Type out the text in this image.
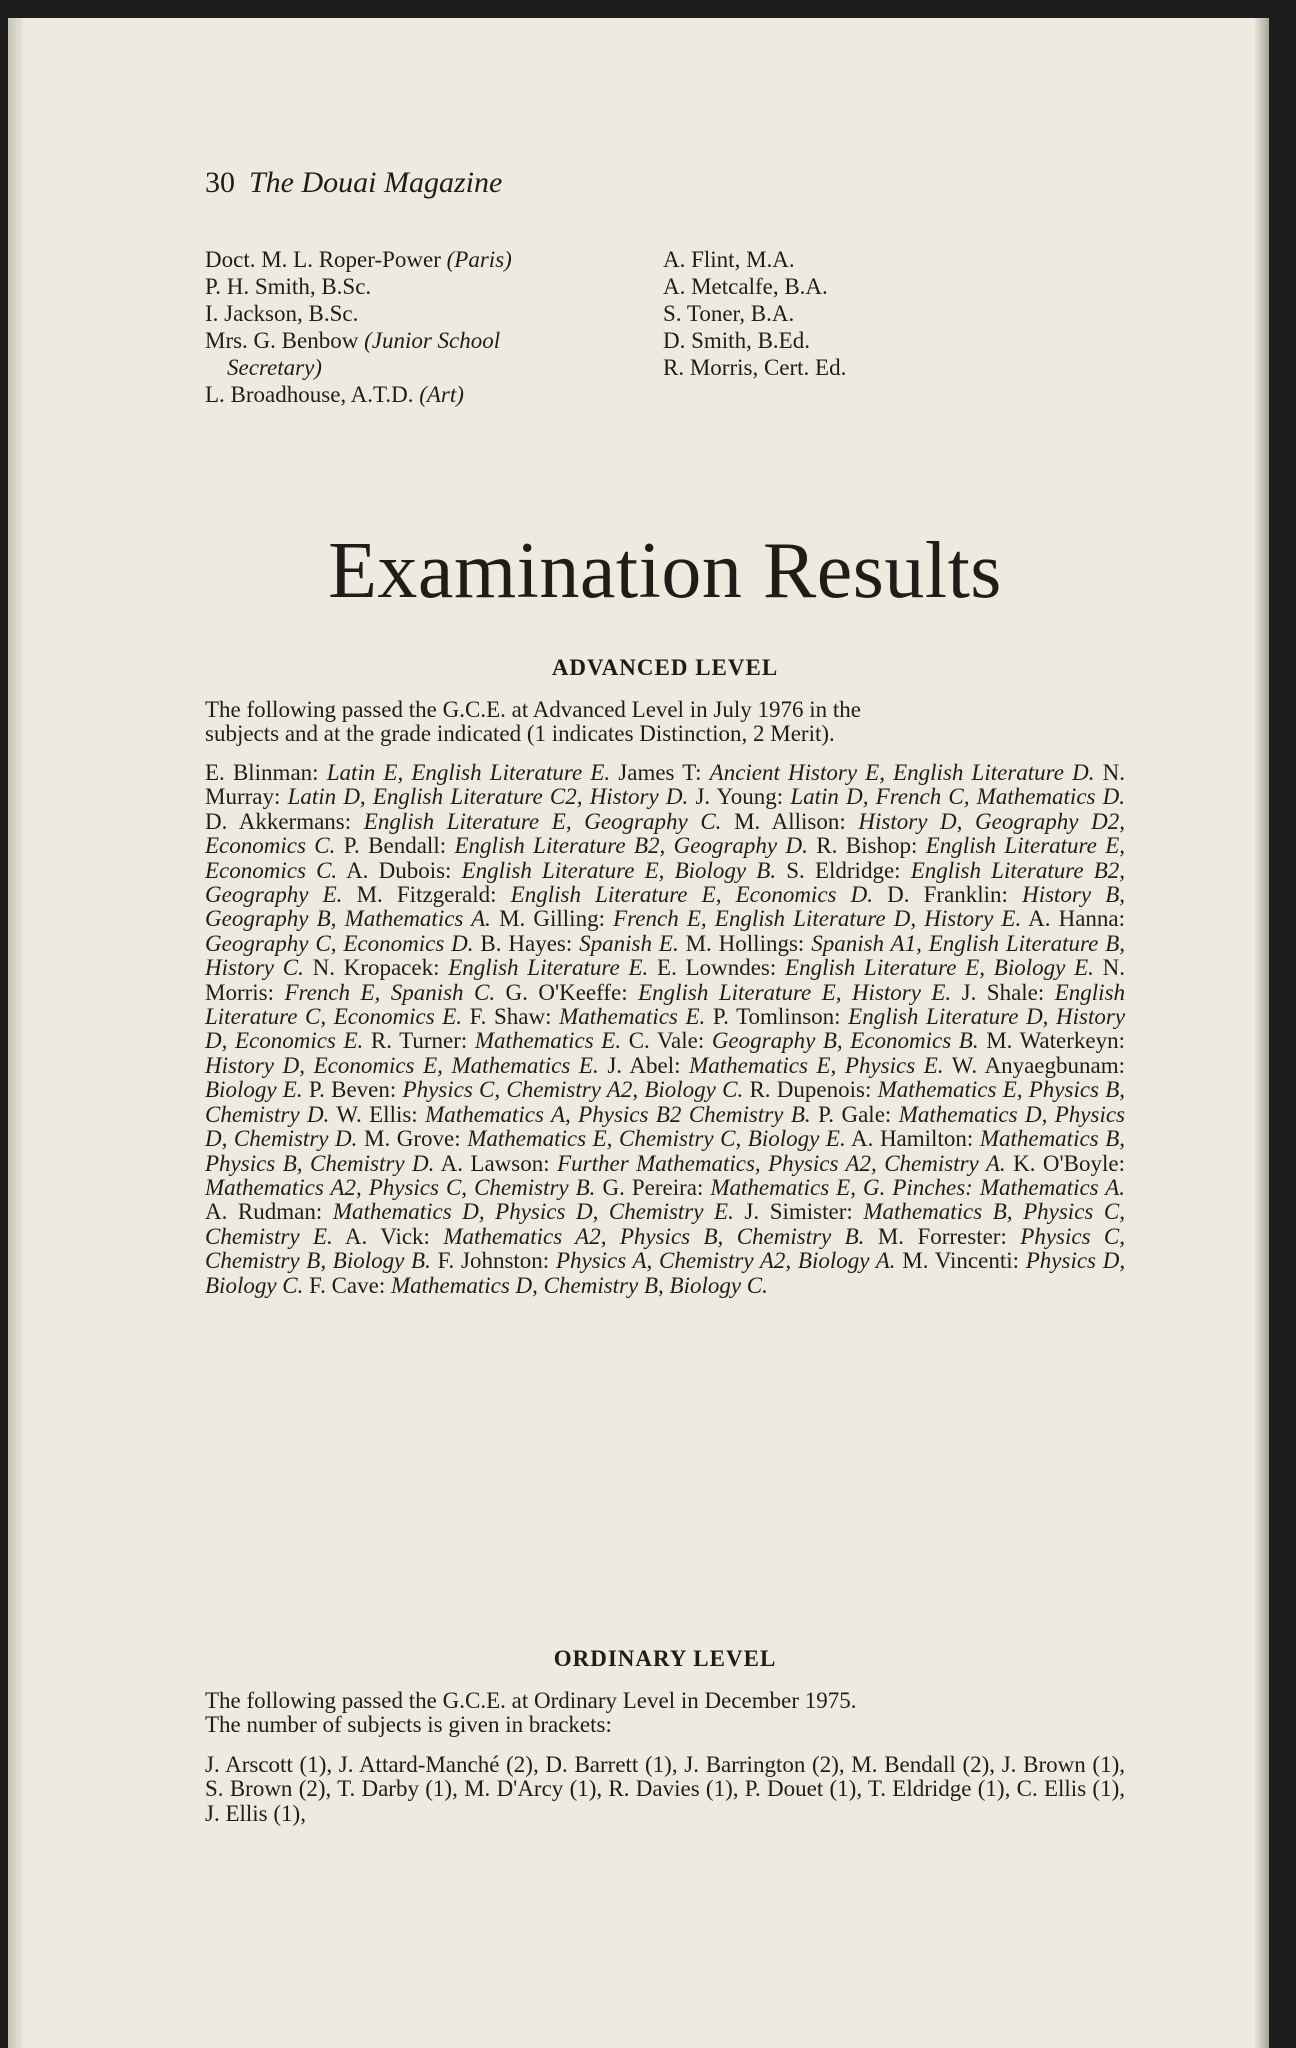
30 The Douai Magazine
Doct. M. L. Roper-Power (Paris)
P. H. Smith, B.Sc.
I. Jackson, B.Sc.
Mrs. G. Benbow (Junior School
Secretary)
L. Broadhouse, A.T.D. (Art)
A. Flint, M.A.
A. Metcalfe, B.A.
S. Toner, B.A.
D. Smith, B.Ed.
R. Morris, Cert. Ed.
Examination Results
ADVANCED LEVEL
The following passed the G.C.E. at Advanced Level in July 1976 in the
subjects and at the grade indicated (1 indicates Distinction, 2 Merit).
E. Blinman: Latin E, English Literature E. James T: Ancient History E, English Literature D. N. Murray: Latin D, English Literature C2, History D. J. Young: Latin D, French C, Mathematics D. D. Akkermans: English Literature E, Geography C. M. Allison: History D, Geography D2, Economics C. P. Bendall: English Literature B2, Geography D. R. Bishop: English Literature E, Economics C. A. Dubois: English Literature E, Biology B. S. Eldridge: English Literature B2, Geography E. M. Fitzgerald: English Literature E, Economics D. D. Franklin: History B, Geography B, Mathematics A. M. Gilling: French E, English Literature D, History E. A. Hanna: Geography C, Economics D. B. Hayes: Spanish E. M. Hollings: Spanish A1, English Literature B, History C. N. Kropacek: English Literature E. E. Lowndes: English Literature E, Biology E. N. Morris: French E, Spanish C. G. O'Keeffe: English Literature E, History E. J. Shale: English Literature C, Economics E. F. Shaw: Mathematics E. P. Tomlinson: English Literature D, History D, Economics E. R. Turner: Mathematics E. C. Vale: Geography B, Economics B. M. Waterkeyn: History D, Economics E, Mathematics E. J. Abel: Mathematics E, Physics E. W. Anyaegbunam: Biology E. P. Beven: Physics C, Chemistry A2, Biology C. R. Dupenois: Mathematics E, Physics B, Chemistry D. W. Ellis: Mathematics A, Physics B2 Chemistry B. P. Gale: Mathematics D, Physics D, Chemistry D. M. Grove: Mathematics E, Chemistry C, Biology E. A. Hamilton: Mathematics B, Physics B, Chemistry D. A. Lawson: Further Mathematics, Physics A2, Chemistry A. K. O'Boyle: Mathematics A2, Physics C, Chemistry B. G. Pereira: Mathematics E, G. Pinches: Mathematics A. A. Rudman: Mathematics D, Physics D, Chemistry E. J. Simister: Mathematics B, Physics C, Chemistry E. A. Vick: Mathematics A2, Physics B, Chemistry B. M. Forrester: Physics C, Chemistry B, Biology B. F. Johnston: Physics A, Chemistry A2, Biology A. M. Vincenti: Physics D, Biology C. F. Cave: Mathematics D, Chemistry B, Biology C.
ORDINARY LEVEL
The following passed the G.C.E. at Ordinary Level in December 1975.
The number of subjects is given in brackets:
J. Arscott (1), J. Attard-Manché (2), D. Barrett (1), J. Barrington (2), M. Bendall (2), J. Brown (1), S. Brown (2), T. Darby (1), M. D'Arcy (1), R. Davies (1), P. Douet (1), T. Eldridge (1), C. Ellis (1), J. Ellis (1),
